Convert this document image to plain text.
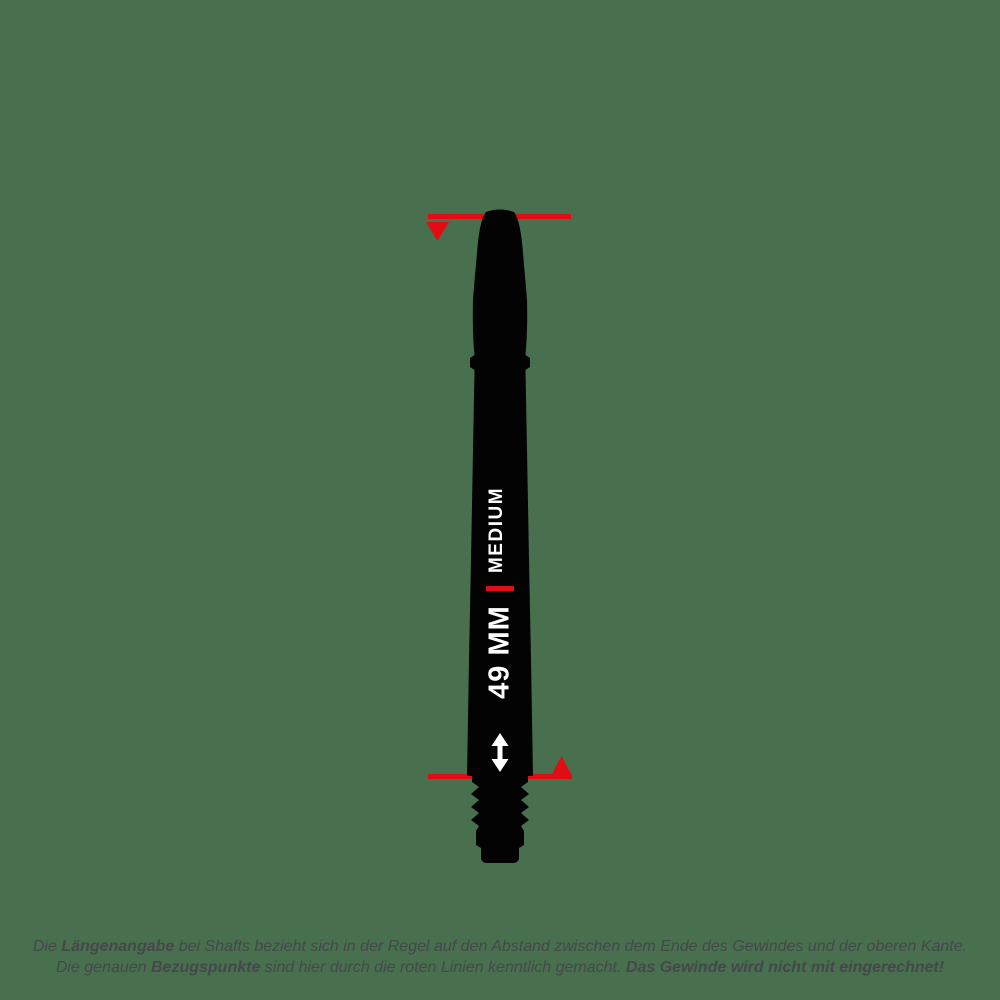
MEDIUM
49 MM

Die Längenangabe bei Shafts bezieht sich in der Regel auf den Abstand zwischen dem Ende des Gewindes und der oberen Kante.

Die genauen Bezugspunkte sind hier durch die roten Linien kenntlich gemacht. Das Gewinde wird nicht mit eingerechnet!
